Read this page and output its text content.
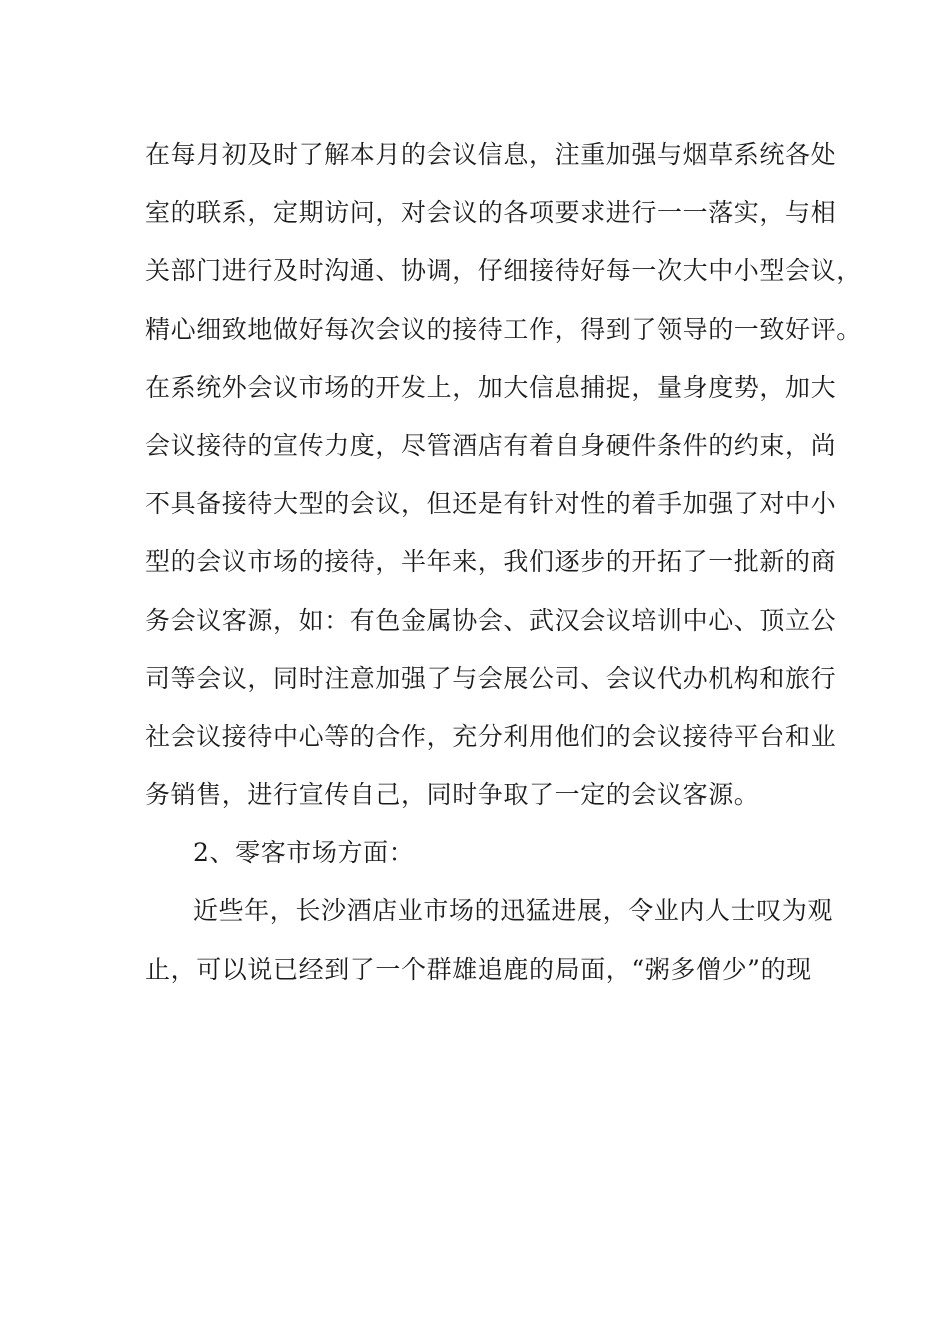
在每月初及时了解本月的会议信息，注重加强与烟草系统各处
室的联系，定期访问，对会议的各项要求进行一一落实，与相
关部门进行及时沟通、协调，仔细接待好每一次大中小型会议，
精心细致地做好每次会议的接待工作，得到了领导的一致好评。
在系统外会议市场的开发上，加大信息捕捉，量身度势，加大
会议接待的宣传力度，尽管酒店有着自身硬件条件的约束，尚
不具备接待大型的会议，但还是有针对性的着手加强了对中小
型的会议市场的接待，半年来，我们逐步的开拓了一批新的商
务会议客源，如：有色金属协会、武汉会议培训中心、顶立公
司等会议，同时注意加强了与会展公司、会议代办机构和旅行
社会议接待中心等的合作，充分利用他们的会议接待平台和业
务销售，进行宣传自己，同时争取了一定的会议客源。
2、零客市场方面：
近些年，长沙酒店业市场的迅猛进展，令业内人士叹为观
止，可以说已经到了一个群雄追鹿的局面，“粥多僧少”的现
